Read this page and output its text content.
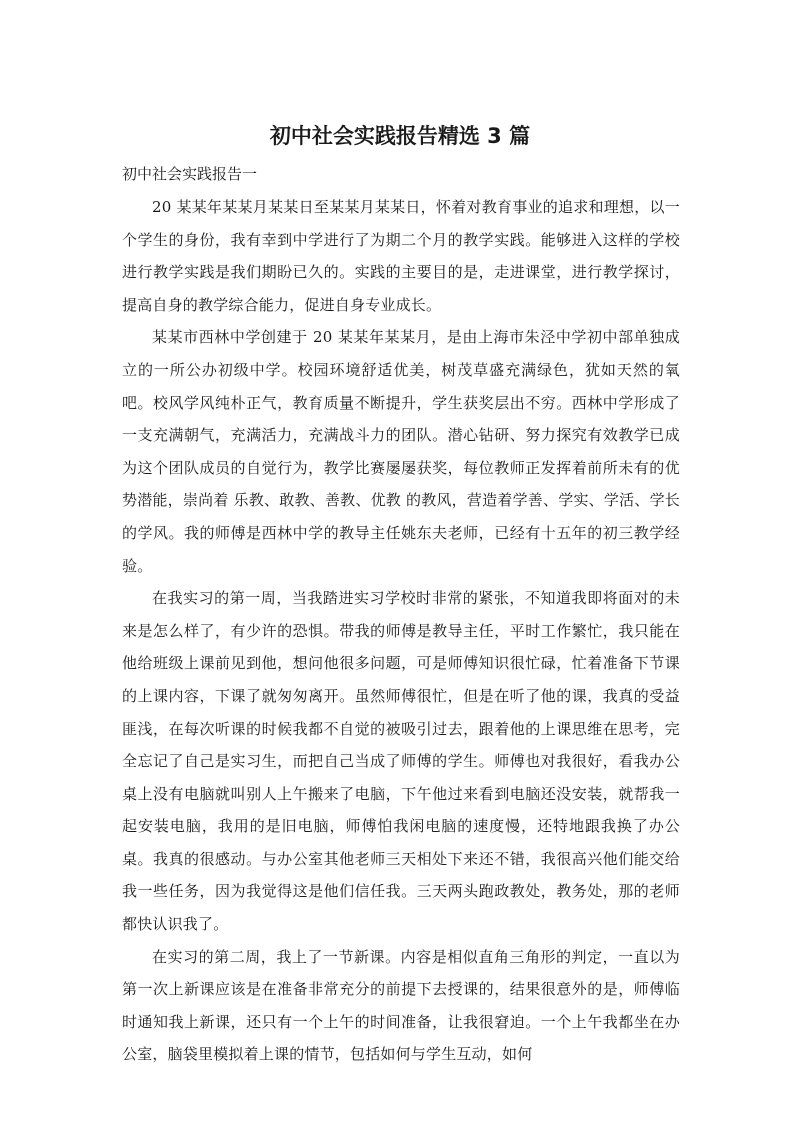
初中社会实践报告精选 3 篇

初中社会实践报告一

20 某某年某某月某某日至某某月某某日，怀着对教育事业的追求和理想，以一个学生的身份，我有幸到中学进行了为期二个月的教学实践。能够进入这样的学校进行教学实践是我们期盼已久的。实践的主要目的是，走进课堂，进行教学探讨，提高自身的教学综合能力，促进自身专业成长。

某某市西林中学创建于 20 某某年某某月，是由上海市朱泾中学初中部单独成立的一所公办初级中学。校园环境舒适优美，树茂草盛充满绿色，犹如天然的氧吧。校风学风纯朴正气，教育质量不断提升，学生获奖层出不穷。西林中学形成了一支充满朝气，充满活力，充满战斗力的团队。潜心钻研、努力探究有效教学已成为这个团队成员的自觉行为，教学比赛屡屡获奖，每位教师正发挥着前所未有的优势潜能，崇尚着 乐教、敢教、善教、优教 的教风，营造着学善、学实、学活、学长 的学风。我的师傅是西林中学的教导主任姚东夫老师，已经有十五年的初三教学经验。

在我实习的第一周，当我踏进实习学校时非常的紧张，不知道我即将面对的未来是怎么样了，有少许的恐惧。带我的师傅是教导主任，平时工作繁忙，我只能在他给班级上课前见到他，想问他很多问题，可是师傅知识很忙碌，忙着准备下节课的上课内容，下课了就匆匆离开。虽然师傅很忙，但是在听了他的课，我真的受益匪浅，在每次听课的时候我都不自觉的被吸引过去，跟着他的上课思维在思考，完全忘记了自己是实习生，而把自己当成了师傅的学生。师傅也对我很好，看我办公桌上没有电脑就叫别人上午搬来了电脑，下午他过来看到电脑还没安装，就帮我一起安装电脑，我用的是旧电脑，师傅怕我闲电脑的速度慢，还特地跟我换了办公桌。我真的很感动。与办公室其他老师三天相处下来还不错，我很高兴他们能交给我一些任务，因为我觉得这是他们信任我。三天两头跑政教处，教务处，那的老师都快认识我了。

在实习的第二周，我上了一节新课。内容是相似直角三角形的判定，一直以为第一次上新课应该是在准备非常充分的前提下去授课的，结果很意外的是，师傅临时通知我上新课，还只有一个上午的时间准备，让我很窘迫。一个上午我都坐在办公室，脑袋里模拟着上课的情节，包括如何与学生互动，如何
